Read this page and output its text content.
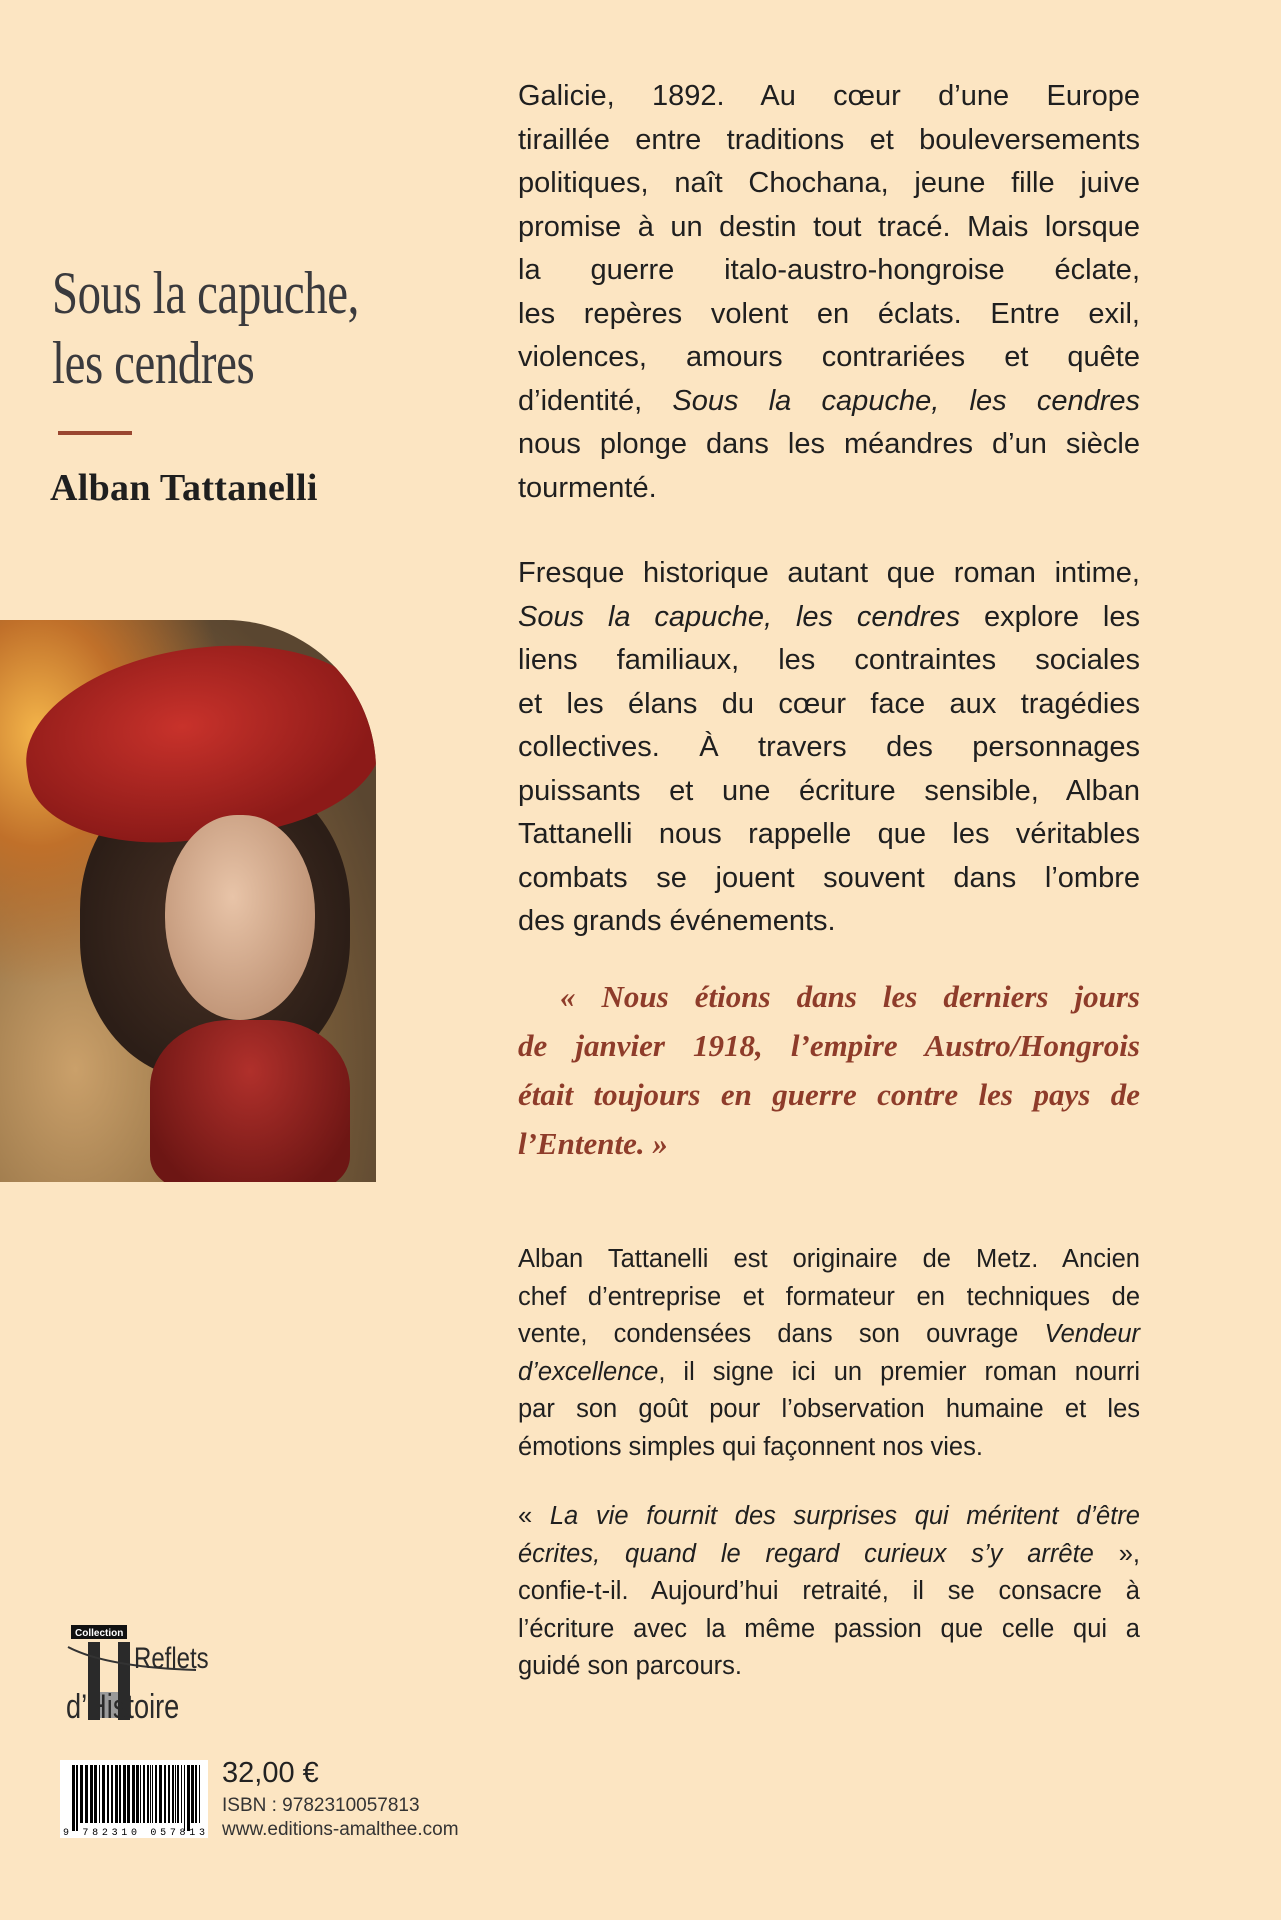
Sous la capuche,
les cendres
Alban Tattanelli
Galicie, 1892. Au cœur d’une Europe
tiraillée entre traditions et bouleversements
politiques, naît Chochana, jeune fille juive
promise à un destin tout tracé. Mais lorsque
la guerre italo-austro-hongroise éclate,
les repères volent en éclats. Entre exil,
violences, amours contrariées et quête
d’identité, Sous la capuche, les cendres
nous plonge dans les méandres d’un siècle
tourmenté.
Fresque historique autant que roman intime,
Sous la capuche, les cendres explore les
liens familiaux, les contraintes sociales
et les élans du cœur face aux tragédies
collectives. À travers des personnages
puissants et une écriture sensible, Alban
Tattanelli nous rappelle que les véritables
combats se jouent souvent dans l’ombre
des grands événements.
« Nous étions dans les derniers jours
de janvier 1918, l’empire Austro/Hongrois
était toujours en guerre contre les pays de
l’Entente. »
Alban Tattanelli est originaire de Metz. Ancien
chef d’entreprise et formateur en techniques de
vente, condensées dans son ouvrage Vendeur
d’excellence, il signe ici un premier roman nourri
par son goût pour l’observation humaine et les
émotions simples qui façonnent nos vies.
« La vie fournit des surprises qui méritent d’être
écrites, quand le regard curieux s’y arrête »,
confie-t-il. Aujourd’hui retraité, il se consacre à
l’écriture avec la même passion que celle qui a
guidé son parcours.
Collection
Reflets
d’Histoire
9 782310 057813
32,00 €
ISBN : 9782310057813
www.editions-amalthee.com
